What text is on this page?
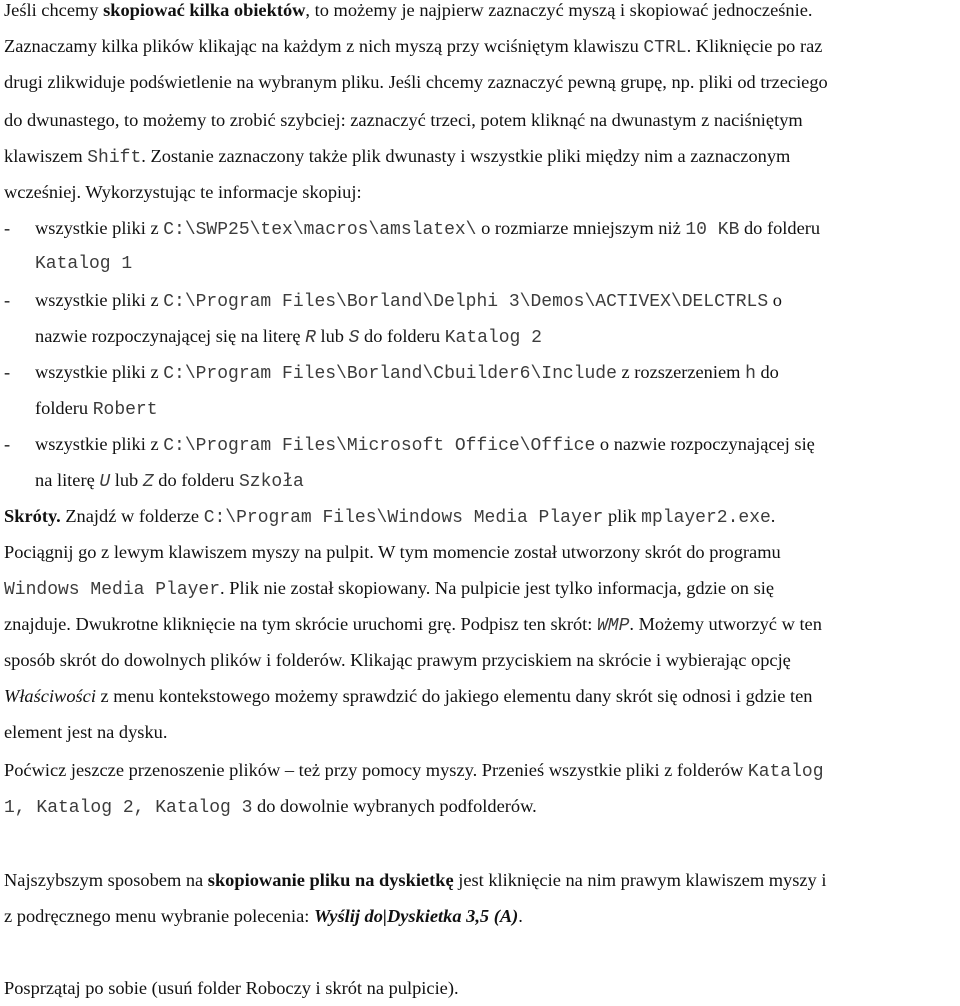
Jeśli chcemy skopiować kilka obiektów, to możemy je najpierw zaznaczyć myszą i skopiować jednocześnie.
Zaznaczamy kilka plików klikając na każdym z nich myszą przy wciśniętym klawiszu CTRL. Kliknięcie po raz
drugi zlikwiduje podświetlenie na wybranym pliku. Jeśli chcemy zaznaczyć pewną grupę, np. pliki od trzeciego
do dwunastego, to możemy to zrobić szybciej: zaznaczyć trzeci, potem kliknąć na dwunastym z naciśniętym
klawiszem Shift. Zostanie zaznaczony także plik dwunasty i wszystkie pliki między nim a zaznaczonym
wcześniej. Wykorzystując te informacje skopiuj:
- wszystkie pliki z C:\SWP25\tex\macros\amslatex\ o rozmiarze mniejszym niż 10 KB do folderu
Katalog 1
- wszystkie pliki z C:\Program Files\Borland\Delphi 3\Demos\ACTIVEX\DELCTRLS o
nazwie rozpoczynającej się na literę R lub S do folderu Katalog 2
- wszystkie pliki z C:\Program Files\Borland\Cbuilder6\Include z rozszerzeniem h do
folderu Robert
- wszystkie pliki z C:\Program Files\Microsoft Office\Office o nazwie rozpoczynającej się
na literę U lub Z do folderu Szkoła
Skróty. Znajdź w folderze C:\Program Files\Windows Media Player plik mplayer2.exe.
Pociągnij go z lewym klawiszem myszy na pulpit. W tym momencie został utworzony skrót do programu
Windows Media Player. Plik nie został skopiowany. Na pulpicie jest tylko informacja, gdzie on się
znajduje. Dwukrotne kliknięcie na tym skrócie uruchomi grę. Podpisz ten skrót: WMP. Możemy utworzyć w ten
sposób skrót do dowolnych plików i folderów. Klikając prawym przyciskiem na skrócie i wybierając opcję
Właściwości z menu kontekstowego możemy sprawdzić do jakiego elementu dany skrót się odnosi i gdzie ten
element jest na dysku.
Poćwicz jeszcze przenoszenie plików – też przy pomocy myszy. Przenieś wszystkie pliki z folderów Katalog
1, Katalog 2, Katalog 3 do dowolnie wybranych podfolderów.
Najszybszym sposobem na skopiowanie pliku na dyskietkę jest kliknięcie na nim prawym klawiszem myszy i
z podręcznego menu wybranie polecenia: Wyślij do|Dyskietka 3,5 (A).
Posprzątaj po sobie (usuń folder Roboczy i skrót na pulpicie).
